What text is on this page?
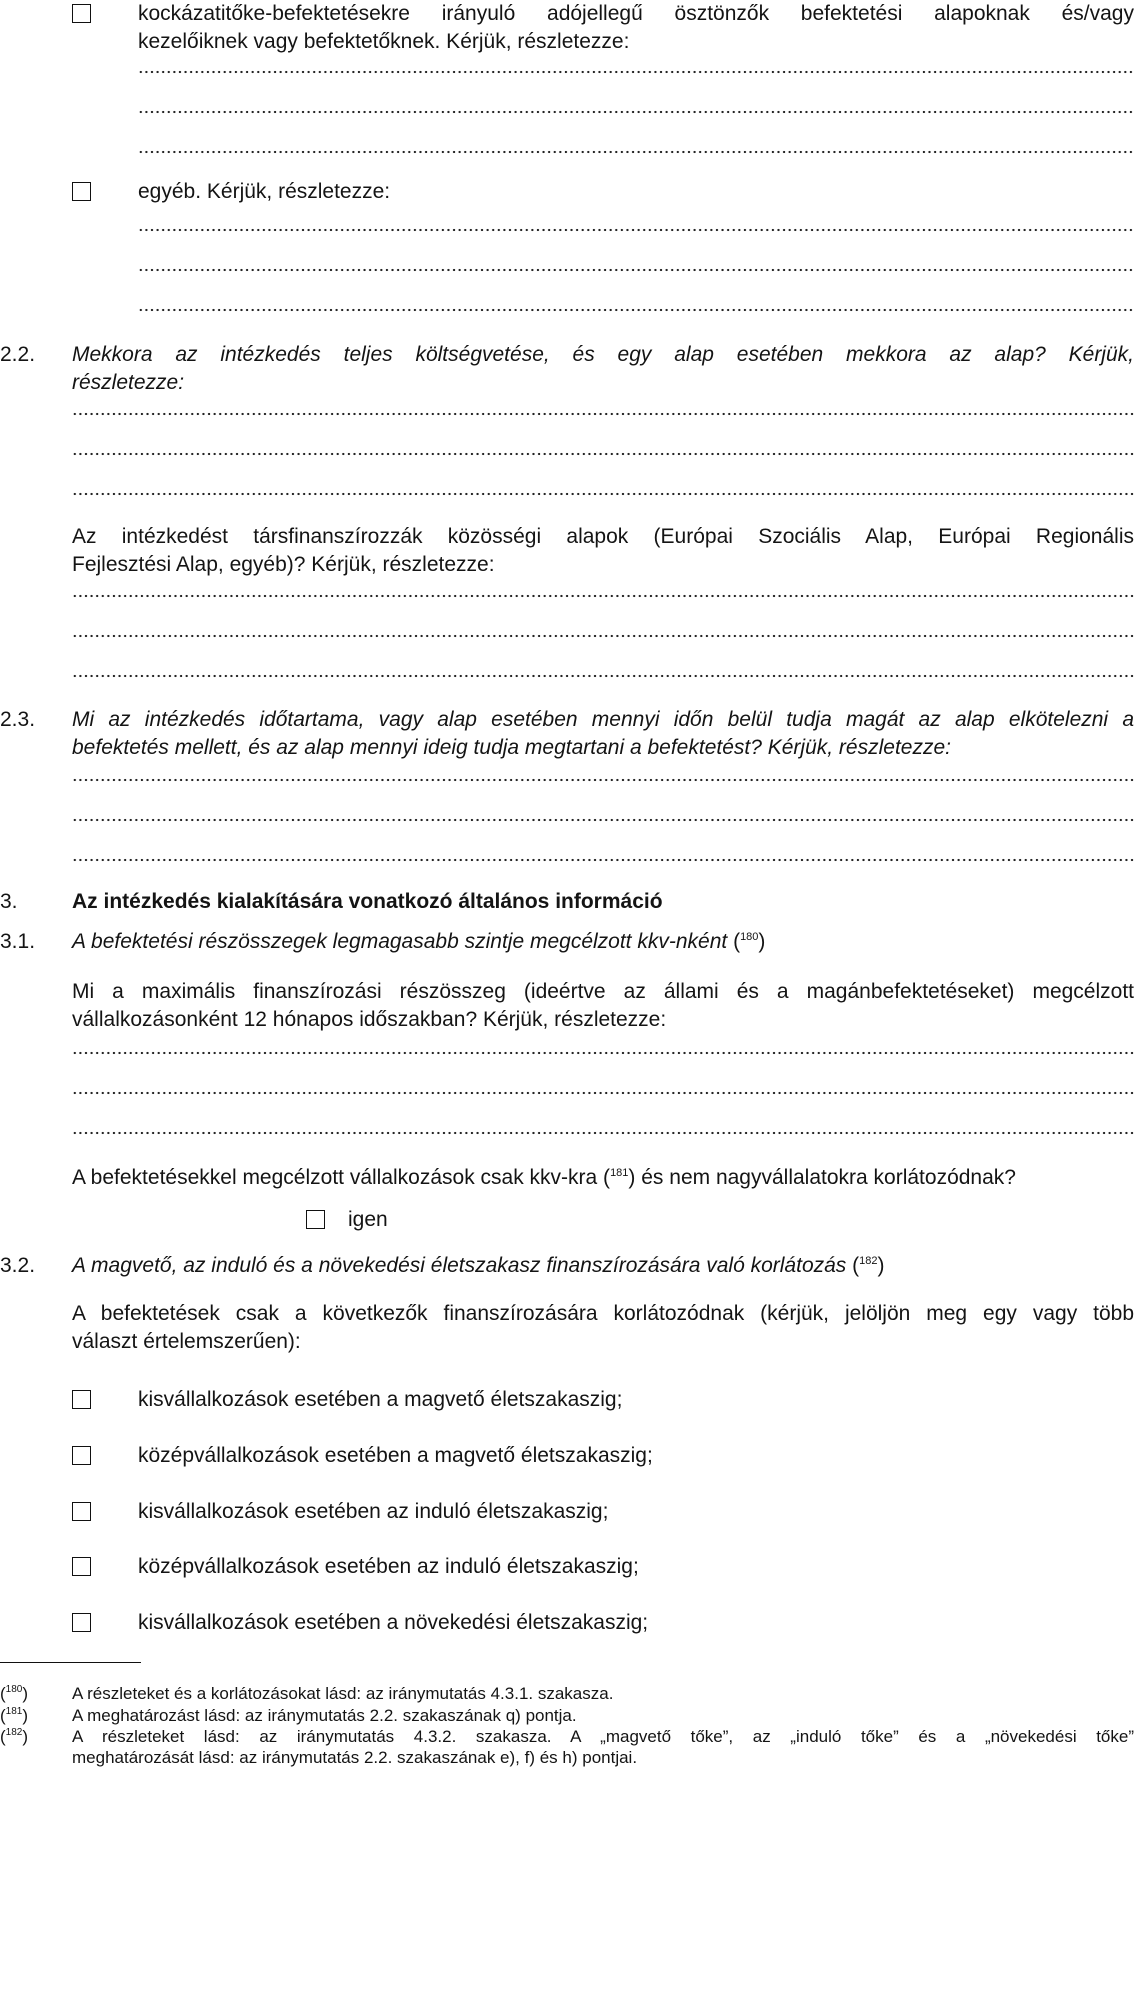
kockázatitőke-befektetésekre irányuló adójellegű ösztönzők befektetési alapoknak és/vagy
kezelőiknek vagy befektetőknek. Kérjük, részletezze:
egyéb. Kérjük, részletezze:
2.2. Mekkora az intézkedés teljes költségvetése, és egy alap esetében mekkora az alap? Kérjük,
részletezze:
Az intézkedést társfinanszírozzák közösségi alapok (Európai Szociális Alap, Európai Regionális
Fejlesztési Alap, egyéb)? Kérjük, részletezze:
2.3. Mi az intézkedés időtartama, vagy alap esetében mennyi időn belül tudja magát az alap elkötelezni a
befektetés mellett, és az alap mennyi ideig tudja megtartani a befektetést? Kérjük, részletezze:
3.	Az intézkedés kialakítására vonatkozó általános információ
3.1. A befektetési részösszegek legmagasabb szintje megcélzott kkv-nként ($^{180}$)
Mi a maximális finanszírozási részösszeg (ideértve az állami és a magánbefektetéseket) megcélzott
vállalkozásonként 12 hónapos időszakban? Kérjük, részletezze:
A befektetésekkel megcélzott vállalkozások csak kkv-kra ($^{181}$) és nem nagyvállalatokra korlátozódnak?
igen
3.2. A magvető, az induló és a növekedési életszakasz finanszírozására való korlátozás ($^{182}$)
A befektetések csak a következők finanszírozására korlátozódnak (kérjük, jelöljön meg egy vagy több
választ értelemszerűen):
kisvállalkozások esetében a magvető életszakaszig;
középvállalkozások esetében a magvető életszakaszig;
kisvállalkozások esetében az induló életszakaszig;
középvállalkozások esetében az induló életszakaszig;
kisvállalkozások esetében a növekedési életszakaszig;
($^{180}$)	A részleteket és a korlátozásokat lásd: az iránymutatás 4.3.1. szakasza.
($^{181}$)	A meghatározást lásd: az iránymutatás 2.2. szakaszának q) pontja.
($^{182}$)	A részleteket lásd: az iránymutatás 4.3.2. szakasza. A „magvető tőke”, az „induló tőke” és a „növekedési tőke”
meghatározását lásd: az iránymutatás 2.2. szakaszának e), f) és h) pontjai.
